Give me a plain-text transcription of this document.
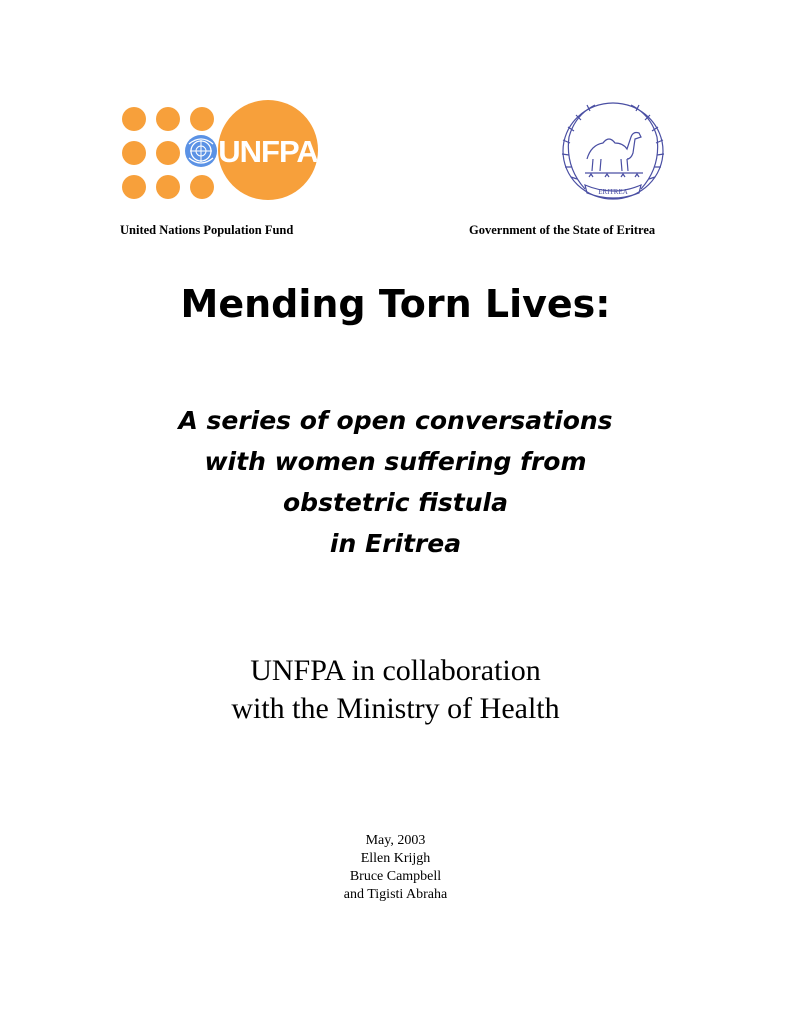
UNFPA
ERITREA
United Nations Population Fund	Government of the State of Eritrea
Mending Torn Lives:
A series of open conversations
with women suffering from
obstetric fistula
in Eritrea
UNFPA in collaboration
with the Ministry of Health
May, 2003
Ellen Krijgh
Bruce Campbell
and Tigisti Abraha
